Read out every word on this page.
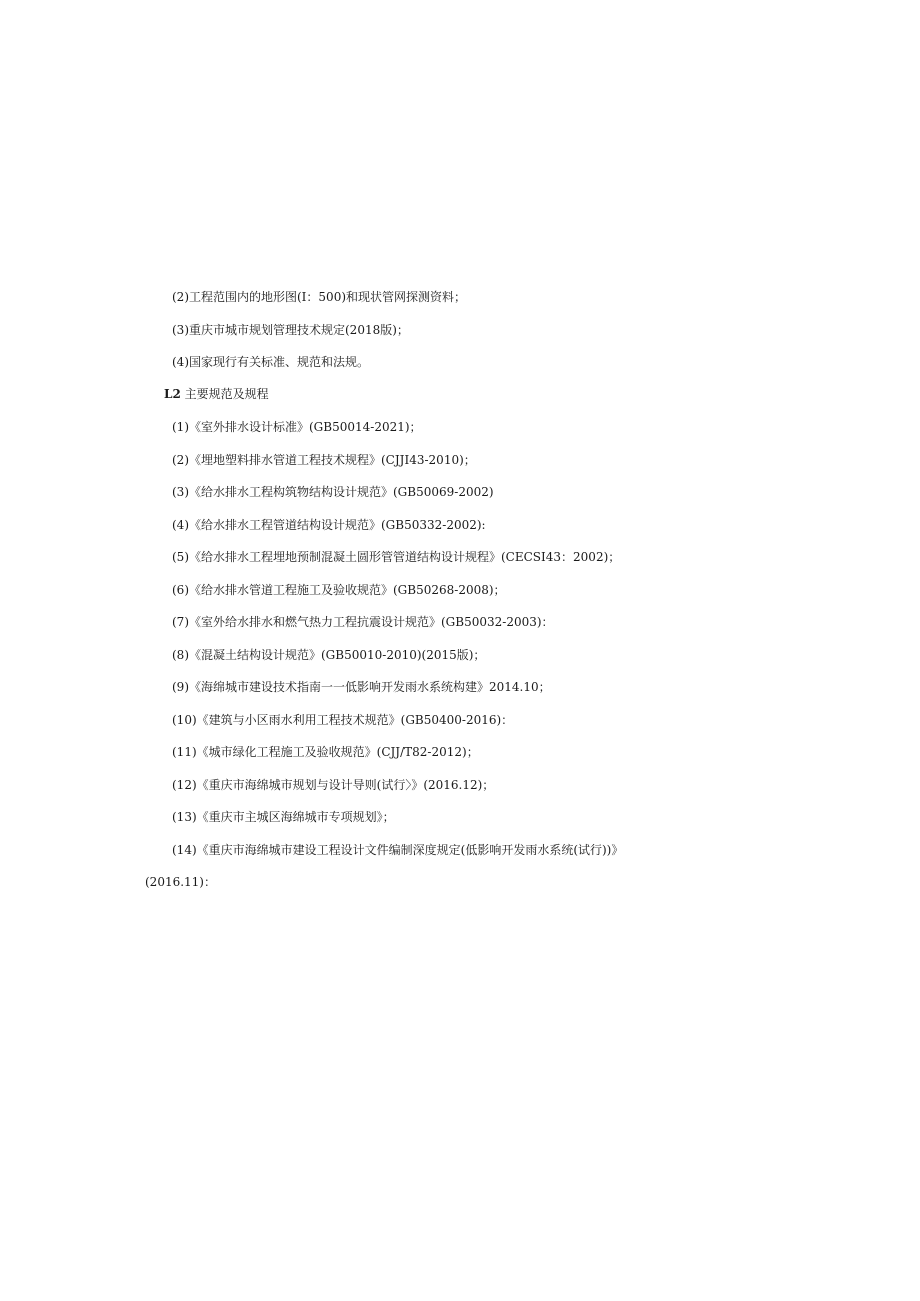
(2)工程范围内的地形图(I：500)和现状管网探测资料；
(3)重庆市城市规划管理技术规定(2018版)；
(4)国家现行有关标准、规范和法规。
L2 主要规范及规程
(1)《室外排水设计标准》(GB50014-2021)；
(2)《埋地塑料排水管道工程技术规程》(CJJI43-2010)；
(3)《给水排水工程构筑物结构设计规范》(GB50069-2002)
(4)《给水排水工程管道结构设计规范》(GB50332-2002):
(5)《给水排水工程埋地预制混凝土圆形管管道结构设计规程》(CECSI43：2002)；
(6)《给水排水管道工程施工及验收规范》(GB50268-2008)；
(7)《室外给水排水和燃气热力工程抗震设计规范》(GB50032-2003)：
(8)《混凝土结构设计规范》(GB50010-2010)(2015版)；
(9)《海绵城市建设技术指南一一低影响开发雨水系统构建》2014.10；
(10)《建筑与小区雨水利用工程技术规范》(GB50400-2016)：
(11)《城市绿化工程施工及验收规范》(CJJ/T82-2012)；
(12)《重庆市海绵城市规划与设计导则(试行〉》(2016.12)；
(13)《重庆市主城区海绵城市专项规划》；
(14)《重庆市海绵城市建设工程设计文件编制深度规定(低影响开发雨水系统(试行))》
(2016.11)：
